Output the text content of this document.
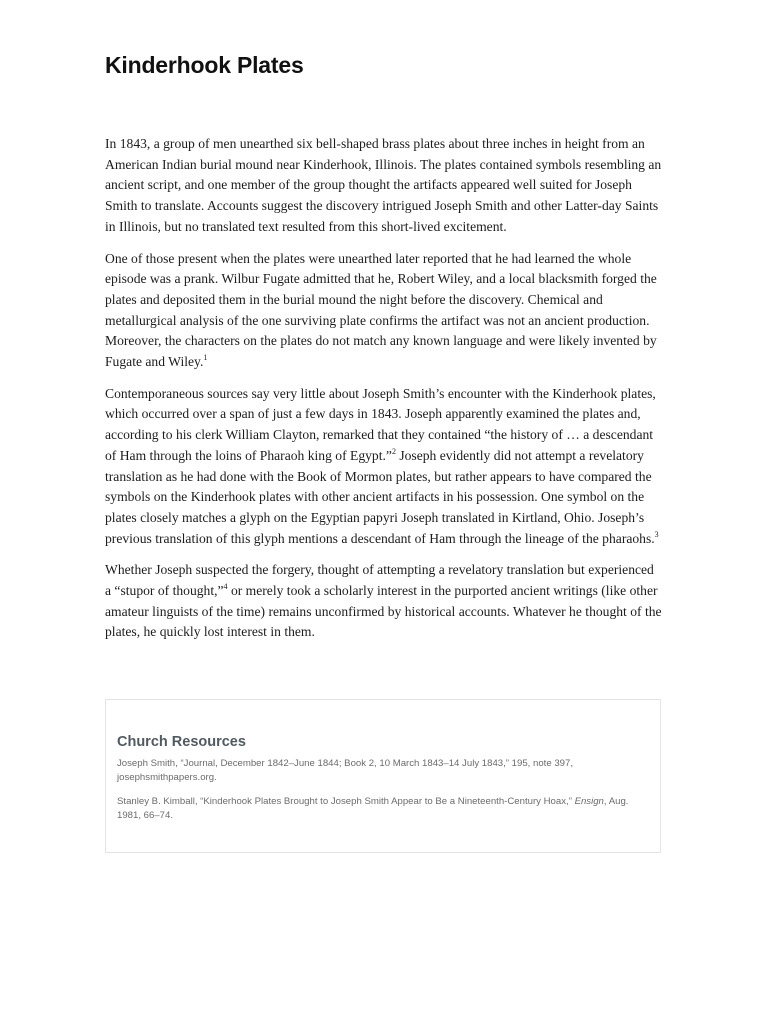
Kinderhook Plates

In 1843, a group of men unearthed six bell-shaped brass plates about three inches in height from an American Indian burial mound near Kinderhook, Illinois. The plates contained symbols resembling an ancient script, and one member of the group thought the artifacts appeared well suited for Joseph Smith to translate. Accounts suggest the discovery intrigued Joseph Smith and other Latter-day Saints in Illinois, but no translated text resulted from this short-lived excitement.

One of those present when the plates were unearthed later reported that he had learned the whole episode was a prank. Wilbur Fugate admitted that he, Robert Wiley, and a local blacksmith forged the plates and deposited them in the burial mound the night before the discovery. Chemical and metallurgical analysis of the one surviving plate confirms the artifact was not an ancient production. Moreover, the characters on the plates do not match any known language and were likely invented by Fugate and Wiley.$^1$

Contemporaneous sources say very little about Joseph Smith’s encounter with the Kinderhook plates, which occurred over a span of just a few days in 1843. Joseph apparently examined the plates and, according to his clerk William Clayton, remarked that they contained “the history of … a descendant of Ham through the loins of Pharaoh king of Egypt.”$^2$ Joseph evidently did not attempt a revelatory translation as he had done with the Book of Mormon plates, but rather appears to have compared the symbols on the Kinderhook plates with other ancient artifacts in his possession. One symbol on the plates closely matches a glyph on the Egyptian papyri Joseph translated in Kirtland, Ohio. Joseph’s previous translation of this glyph mentions a descendant of Ham through the lineage of the pharaohs.$^3$

Whether Joseph suspected the forgery, thought of attempting a revelatory translation but experienced a “stupor of thought,”$^4$ or merely took a scholarly interest in the purported ancient writings (like other amateur linguists of the time) remains unconfirmed by historical accounts. Whatever he thought of the plates, he quickly lost interest in them.

Church Resources

Joseph Smith, “Journal, December 1842–June 1844; Book 2, 10 March 1843–14 July 1843,” 195, note 397, josephsmithpapers.org.

Stanley B. Kimball, “Kinderhook Plates Brought to Joseph Smith Appear to Be a Nineteenth-Century Hoax,” Ensign, Aug. 1981, 66–74.
